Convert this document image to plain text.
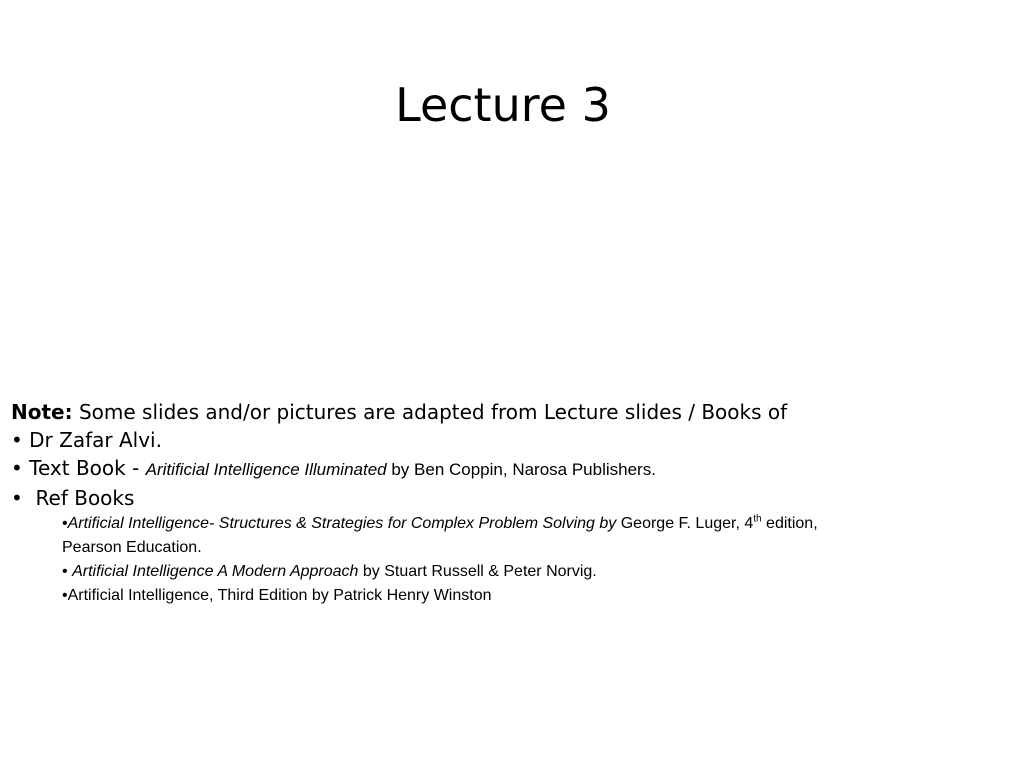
Lecture 3
Note: Some slides and/or pictures are adapted from Lecture slides / Books of
• Dr Zafar Alvi.
• Text Book - Aritificial Intelligence Illuminated by Ben Coppin, Narosa Publishers.
• Ref Books
•Artificial Intelligence- Structures & Strategies for Complex Problem Solving by George F. Luger, 4th edition,
Pearson Education.
• Artificial Intelligence A Modern Approach by Stuart Russell & Peter Norvig.
•Artificial Intelligence, Third Edition by Patrick Henry Winston
